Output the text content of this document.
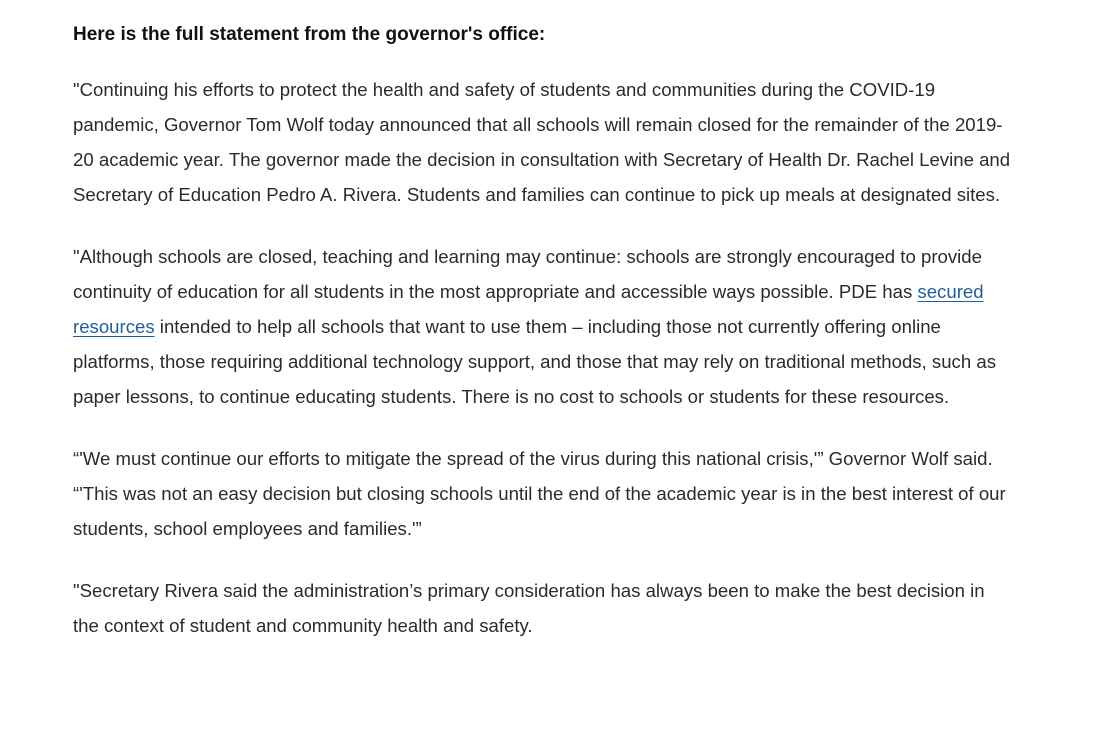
Here is the full statement from the governor's office:

"Continuing his efforts to protect the health and safety of students and communities during the COVID-19 pandemic, Governor Tom Wolf today announced that all schools will remain closed for the remainder of the 2019-20 academic year. The governor made the decision in consultation with Secretary of Health Dr. Rachel Levine and Secretary of Education Pedro A. Rivera. Students and families can continue to pick up meals at designated sites.

"Although schools are closed, teaching and learning may continue: schools are strongly encouraged to provide continuity of education for all students in the most appropriate and accessible ways possible. PDE has secured resources intended to help all schools that want to use them – including those not currently offering online platforms, those requiring additional technology support, and those that may rely on traditional methods, such as paper lessons, to continue educating students. There is no cost to schools or students for these resources.

“'We must continue our efforts to mitigate the spread of the virus during this national crisis,'” Governor Wolf said. “'This was not an easy decision but closing schools until the end of the academic year is in the best interest of our students, school employees and families.'”

"Secretary Rivera said the administration’s primary consideration has always been to make the best decision in the context of student and community health and safety.
